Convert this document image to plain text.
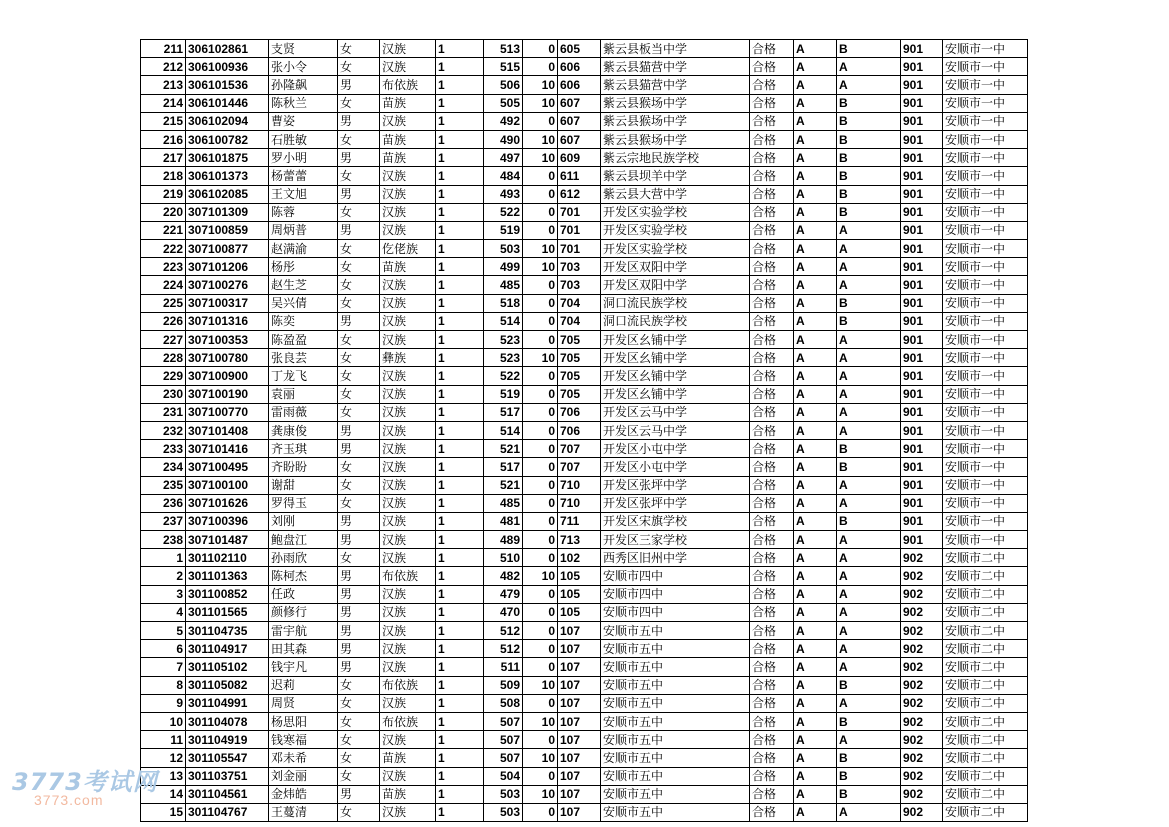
211	306102861	支贤	女	汉族	1	513	0	605	紫云县板当中学	合格	A	B	901	安顺市一中
212	306100936	张小令	女	汉族	1	515	0	606	紫云县猫营中学	合格	A	A	901	安顺市一中
213	306101536	孙隆飙	男	布依族	1	506	10	606	紫云县猫营中学	合格	A	A	901	安顺市一中
214	306101446	陈秋兰	女	苗族	1	505	10	607	紫云县猴场中学	合格	A	B	901	安顺市一中
215	306102094	曹姿	男	汉族	1	492	0	607	紫云县猴场中学	合格	A	B	901	安顺市一中
216	306100782	石胜敏	女	苗族	1	490	10	607	紫云县猴场中学	合格	A	B	901	安顺市一中
217	306101875	罗小明	男	苗族	1	497	10	609	紫云宗地民族学校	合格	A	B	901	安顺市一中
218	306101373	杨蕾蕾	女	汉族	1	484	0	611	紫云县坝羊中学	合格	A	B	901	安顺市一中
219	306102085	王文旭	男	汉族	1	493	0	612	紫云县大营中学	合格	A	B	901	安顺市一中
220	307101309	陈蓉	女	汉族	1	522	0	701	开发区实验学校	合格	A	B	901	安顺市一中
221	307100859	周炳普	男	汉族	1	519	0	701	开发区实验学校	合格	A	A	901	安顺市一中
222	307100877	赵满渝	女	仡佬族	1	503	10	701	开发区实验学校	合格	A	A	901	安顺市一中
223	307101206	杨彤	女	苗族	1	499	10	703	开发区双阳中学	合格	A	A	901	安顺市一中
224	307100276	赵生芝	女	汉族	1	485	0	703	开发区双阳中学	合格	A	A	901	安顺市一中
225	307100317	吴兴倩	女	汉族	1	518	0	704	洞口流民族学校	合格	A	B	901	安顺市一中
226	307101316	陈奕	男	汉族	1	514	0	704	洞口流民族学校	合格	A	B	901	安顺市一中
227	307100353	陈盈盈	女	汉族	1	523	0	705	开发区幺铺中学	合格	A	A	901	安顺市一中
228	307100780	张良芸	女	彝族	1	523	10	705	开发区幺铺中学	合格	A	A	901	安顺市一中
229	307100900	丁龙飞	女	汉族	1	522	0	705	开发区幺铺中学	合格	A	A	901	安顺市一中
230	307100190	袁丽	女	汉族	1	519	0	705	开发区幺铺中学	合格	A	A	901	安顺市一中
231	307100770	雷雨薇	女	汉族	1	517	0	706	开发区云马中学	合格	A	A	901	安顺市一中
232	307101408	龚康俊	男	汉族	1	514	0	706	开发区云马中学	合格	A	A	901	安顺市一中
233	307101416	齐玉琪	男	汉族	1	521	0	707	开发区小屯中学	合格	A	B	901	安顺市一中
234	307100495	齐盼盼	女	汉族	1	517	0	707	开发区小屯中学	合格	A	B	901	安顺市一中
235	307100100	谢甜	女	汉族	1	521	0	710	开发区张坪中学	合格	A	A	901	安顺市一中
236	307101626	罗得玉	女	汉族	1	485	0	710	开发区张坪中学	合格	A	A	901	安顺市一中
237	307100396	刘刚	男	汉族	1	481	0	711	开发区宋旗学校	合格	A	B	901	安顺市一中
238	307101487	鲍盘江	男	汉族	1	489	0	713	开发区三家学校	合格	A	A	901	安顺市一中
1	301102110	孙雨欣	女	汉族	1	510	0	102	西秀区旧州中学	合格	A	A	902	安顺市二中
2	301101363	陈柯杰	男	布依族	1	482	10	105	安顺市四中	合格	A	A	902	安顺市二中
3	301100852	任政	男	汉族	1	479	0	105	安顺市四中	合格	A	A	902	安顺市二中
4	301101565	颜修行	男	汉族	1	470	0	105	安顺市四中	合格	A	A	902	安顺市二中
5	301104735	雷宇航	男	汉族	1	512	0	107	安顺市五中	合格	A	A	902	安顺市二中
6	301104917	田其森	男	汉族	1	512	0	107	安顺市五中	合格	A	A	902	安顺市二中
7	301105102	钱宇凡	男	汉族	1	511	0	107	安顺市五中	合格	A	A	902	安顺市二中
8	301105082	迟莉	女	布依族	1	509	10	107	安顺市五中	合格	A	B	902	安顺市二中
9	301104991	周贤	女	汉族	1	508	0	107	安顺市五中	合格	A	A	902	安顺市二中
10	301104078	杨思阳	女	布依族	1	507	10	107	安顺市五中	合格	A	B	902	安顺市二中
11	301104919	钱寒福	女	汉族	1	507	0	107	安顺市五中	合格	A	A	902	安顺市二中
12	301105547	邓未希	女	苗族	1	507	10	107	安顺市五中	合格	A	B	902	安顺市二中
13	301103751	刘金丽	女	汉族	1	504	0	107	安顺市五中	合格	A	B	902	安顺市二中
14	301104561	金炜皓	男	苗族	1	503	10	107	安顺市五中	合格	A	B	902	安顺市二中
15	301104767	王蔓清	女	汉族	1	503	0	107	安顺市五中	合格	A	A	902	安顺市二中
3773考试网
3773.com
